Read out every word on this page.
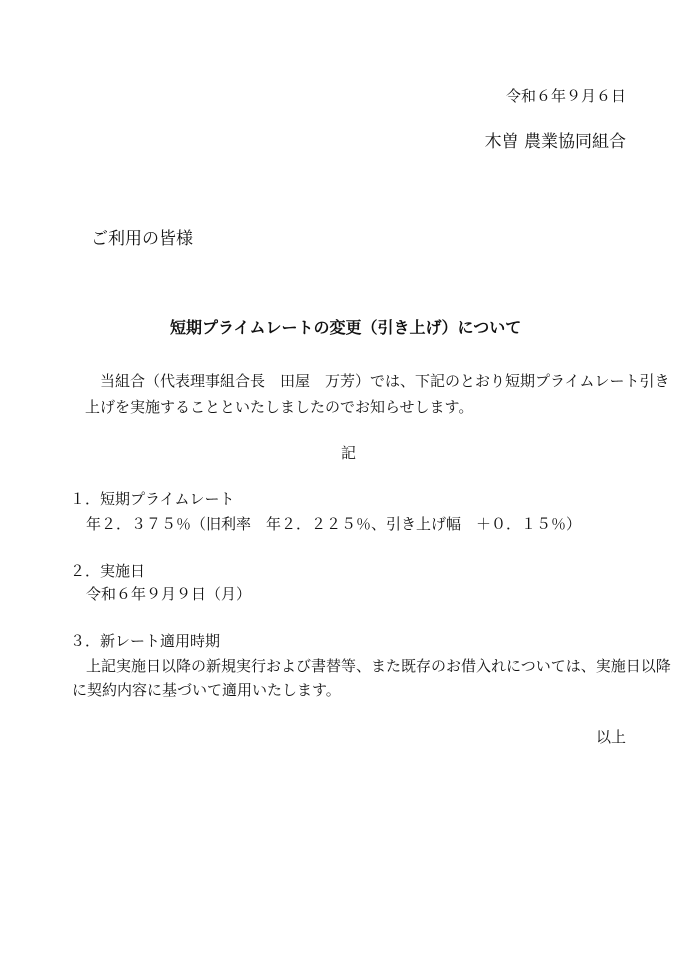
令和６年９月６日
木曽 農業協同組合
ご利用の皆様
短期プライムレートの変更（引き上げ）について
当組合（代表理事組合長　田屋　万芳）では、下記のとおり短期プライムレート引き
上げを実施することといたしましたのでお知らせします。
記
１．短期プライムレート
年２．３７５％（旧利率　年２．２２５％、引き上げ幅　＋０．１５％）
２．実施日
令和６年９月９日（月）
３．新レート適用時期
上記実施日以降の新規実行および書替等、また既存のお借入れについては、実施日以降
に契約内容に基づいて適用いたします。
以上
